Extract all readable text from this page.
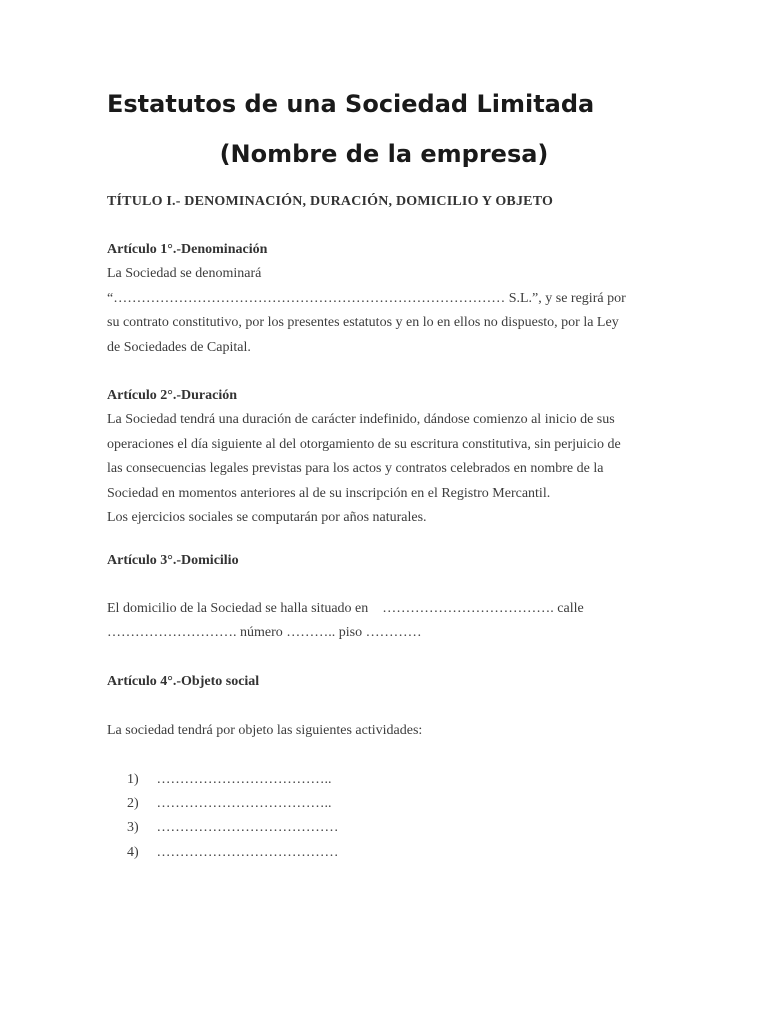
Estatutos de una Sociedad Limitada
(Nombre de la empresa)
TÍTULO I.- DENOMINACIÓN, DURACIÓN, DOMICILIO Y OBJETO
Artículo 1°.-Denominación
La Sociedad se denominará
“………………………………………………………………………… S.L.”, y se regirá por
su contrato constitutivo, por los presentes estatutos y en lo en ellos no dispuesto, por la Ley
de Sociedades de Capital.
Artículo 2°.-Duración
La Sociedad tendrá una duración de carácter indefinido, dándose comienzo al inicio de sus
operaciones el día siguiente al del otorgamiento de su escritura constitutiva, sin perjuicio de
las consecuencias legales previstas para los actos y contratos celebrados en nombre de la
Sociedad en momentos anteriores al de su inscripción en el Registro Mercantil.
Los ejercicios sociales se computarán por años naturales.
Artículo 3°.-Domicilio
El domicilio de la Sociedad se halla situado en    ………………………………. calle
………………………. número ……….. piso …………
Artículo 4°.-Objeto social
La sociedad tendrá por objeto las siguientes actividades:
1) ………………………………..
2) ………………………………..
3) …………………………………
4) …………………………………
